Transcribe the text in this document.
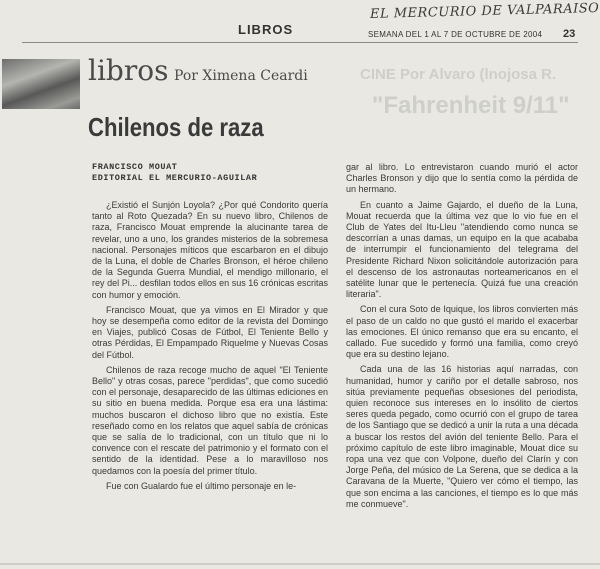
LIBROS
EL MERCURIO DE VALPARAISO
SEMANA DEL 1 AL 7 DE OCTUBRE DE 2004 23
CINE Por Alvaro (lnojosa R.
"Fahrenheit 9/11"
libros Por Ximena Ceardi
Chilenos de raza
FRANCISCO MOUAT
EDITORIAL EL MERCURIO-AGUILAR

¿Existió el Sunjón Loyola? ¿Por qué Condorito quería tanto al Roto Quezada? En su nuevo libro, Chilenos de raza, Francisco Mouat emprende la alucinante tarea de revelar, uno a uno, los grandes misterios de la sobremesa nacional. Personajes míticos que escarbaron en el dibujo de la Luna, el doble de Charles Bronson, el héroe chileno de la Segunda Guerra Mundial, el mendigo millonario, el rey del Pi... desfilan todos ellos en sus 16 crónicas escritas con humor y emoción.

Francisco Mouat, que ya vimos en El Mirador y que hoy se desempeña como editor de la revista del Domingo en Viajes, publicó Cosas de Fútbol, El Teniente Bello y otras Pérdidas, El Empampado Riquelme y Nuevas Cosas del Fútbol.

Chilenos de raza recoge mucho de aquel "El Teniente Bello" y otras cosas, parece "perdidas", que como sucedió con el personaje, desaparecido de las últimas ediciones en su sitio en buena medida. Porque esa era una lástima: muchos buscaron el dichoso libro que no existía. Este reseñado como en los relatos que aquel sabía de crónicas que se salía de lo tradicional, con un título que ni lo convence con el rescate del patrimonio y el formato con el sentido de la identidad. Pese a lo maravilloso nos quedamos con la poesía del primer título.

Fue con Gualardo fue el último personaje en le-

gar al libro. Lo entrevistaron cuando murió el actor Charles Bronson y dijo que lo sentía como la pérdida de un hermano.

En cuanto a Jaime Gajardo, el dueño de la Luna, Mouat recuerda que la última vez que lo vio fue en el Club de Yates del Itu-Lleu "atendiendo como nunca se descorrían a unas damas, un equipo en la que acababa de interrumpir el funcionamiento del telegrama del Presidente Richard Nixon solicitándole autorización para el descenso de los astronautas norteamericanos en el satélite lunar que le pertenecía. Quizá fue una creación literaria".

Con el cura Soto de Iquique, los libros convierten más el paso de un caldo no que gustó el marido el exacerbar las emociones. El único remanso que era su encanto, el callado. Fue sucedido y formó una familia, como creyó que era su destino lejano.

Cada una de las 16 historias aquí narradas, con humanidad, humor y cariño por el detalle sabroso, nos sitúa previamente pequeñas obsesiones del periodista, quien reconoce sus intereses en lo insólito de ciertos seres queda pegado, como ocurrió con el grupo de tarea de los Santiago que se dedicó a unir la ruta a una década a buscar los restos del avión del teniente Bello. Para el próximo capítulo de este libro imaginable, Mouat dice su ropa una vez que con Volpone, dueño del Clarín y con Jorge Peña, del músico de La Serena, que se dedica a la Caravana de la Muerte, "Quiero ver cómo el tiempo, las que son encima a las canciones, el tiempo es lo que más me conmueve".
